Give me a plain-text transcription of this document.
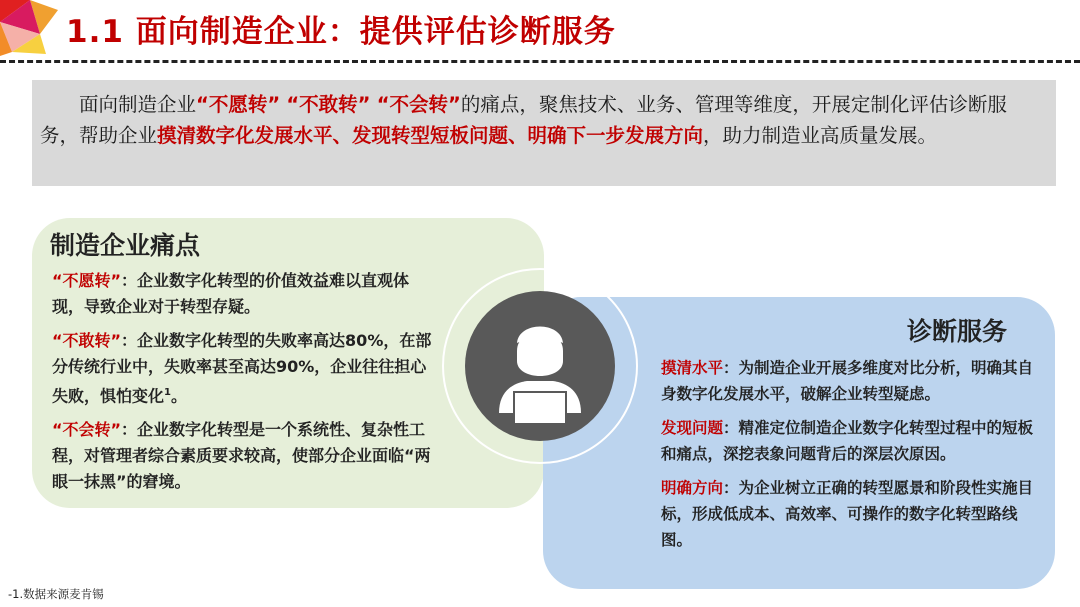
1.1 面向制造企业：提供评估诊断服务
面向制造企业“不愿转” “不敢转” “不会转”的痛点，聚焦技术、业务、管理等维度，开展定制化评估诊断服务，帮助企业摸清数字化发展水平、发现转型短板问题、明确下一步发展方向，助力制造业高质量发展。
制造企业痛点

“不愿转”：企业数字化转型的价值效益难以直观体现，导致企业对于转型存疑。

“不敢转”：企业数字化转型的失败率高达80%，在部分传统行业中，失败率甚至高达90%，企业往往担心失败，惧怕变化$^1$。

“不会转”：企业数字化转型是一个系统性、复杂性工程，对管理者综合素质要求较高，使部分企业面临“两眼一抹黑”的窘境。

诊断服务

摸清水平：为制造企业开展多维度对比分析，明确其自身数字化发展水平，破解企业转型疑虑。

发现问题：精准定位制造企业数字化转型过程中的短板和痛点，深挖表象问题背后的深层次原因。

明确方向：为企业树立正确的转型愿景和阶段性实施目标，形成低成本、高效率、可操作的数字化转型路线图。

-1.数据来源麦肯锡
